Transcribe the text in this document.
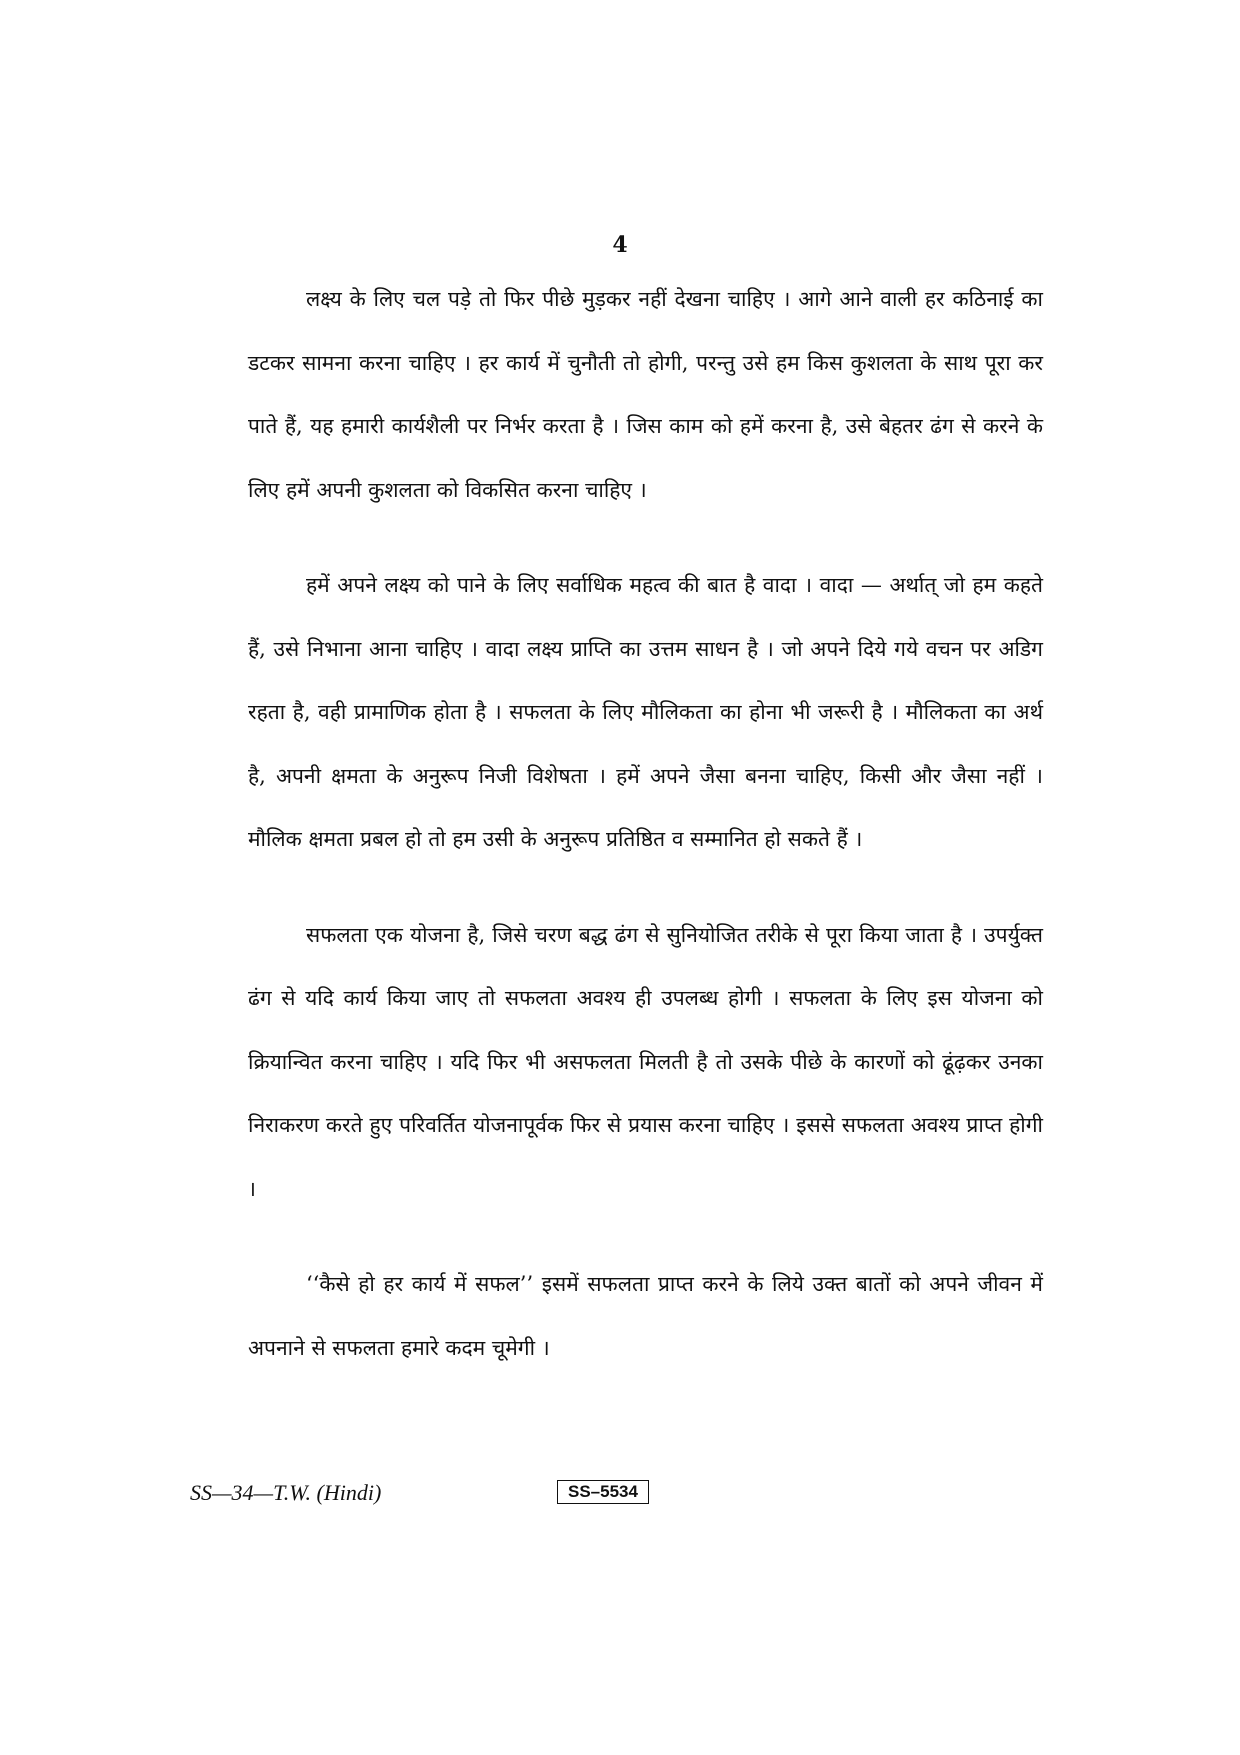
4

लक्ष्य के लिए चल पड़े तो फिर पीछे मुड़कर नहीं देखना चाहिए । आगे आने वाली हर कठिनाई का डटकर सामना करना चाहिए । हर कार्य में चुनौती तो होगी, परन्तु उसे हम किस कुशलता के साथ पूरा कर पाते हैं, यह हमारी कार्यशैली पर निर्भर करता है । जिस काम को हमें करना है, उसे बेहतर ढंग से करने के लिए हमें अपनी कुशलता को विकसित करना चाहिए ।

हमें अपने लक्ष्य को पाने के लिए सर्वाधिक महत्व की बात है वादा । वादा — अर्थात् जो हम कहते हैं, उसे निभाना आना चाहिए । वादा लक्ष्य प्राप्ति का उत्तम साधन है । जो अपने दिये गये वचन पर अडिग रहता है, वही प्रामाणिक होता है । सफलता के लिए मौलिकता का होना भी जरूरी है । मौलिकता का अर्थ है, अपनी क्षमता के अनुरूप निजी विशेषता । हमें अपने जैसा बनना चाहिए, किसी और जैसा नहीं । मौलिक क्षमता प्रबल हो तो हम उसी के अनुरूप प्रतिष्ठित व सम्मानित हो सकते हैं ।

सफलता एक योजना है, जिसे चरण बद्ध ढंग से सुनियोजित तरीके से पूरा किया जाता है । उपर्युक्त ढंग से यदि कार्य किया जाए तो सफलता अवश्य ही उपलब्ध होगी । सफलता के लिए इस योजना को क्रियान्वित करना चाहिए । यदि फिर भी असफलता मिलती है तो उसके पीछे के कारणों को ढूंढ़कर उनका निराकरण करते हुए परिवर्तित योजनापूर्वक फिर से प्रयास करना चाहिए । इससे सफलता अवश्य प्राप्त होगी ।

‘‘कैसे हो हर कार्य में सफल’’ इसमें सफलता प्राप्त करने के लिये उक्त बातों को अपने जीवन में अपनाने से सफलता हमारे कदम चूमेगी ।

SS—34—T.W. (Hindi)	SS–5534
